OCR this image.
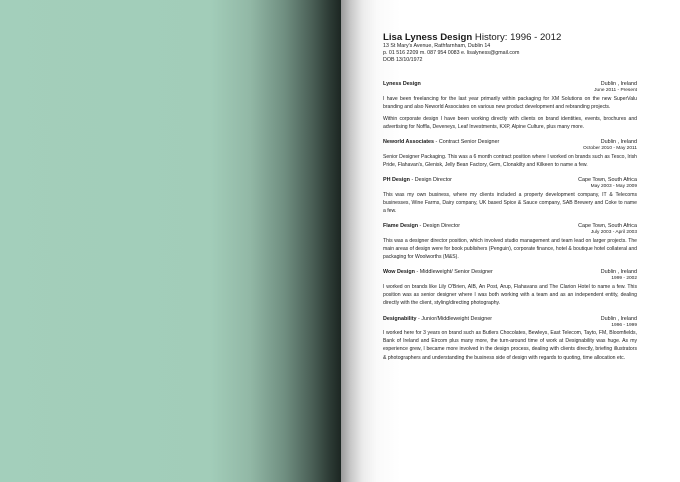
Lisa Lyness Design History: 1996 - 2012
13 St Mary's Avenue, Rathfarnham, Dublin 14
p. 01 516 2209 m. 087 954 0083 e. lisalyness@gmail.com
DOB 13/10/1972
Lyness Design	Dublin , Ireland
June 2011 - Present

I have been freelancing for the last year primarily within packaging for XM Solutions on the new SuperValu branding and also Neworld Associates on various new product development and rebranding projects.

Within corporate design I have been working directly with clients on brand identities, events, brochures and advertising for Noffla, Deveneys, Leaf Investments, KXP, Alpine Culture, plus many more.

Neworld Associates - Contract Senior Designer	Dublin , Ireland
October 2010 - May 2011

Senior Designer Packaging. This was a 6 month contract position where I worked on brands such as Tesco, Irish Pride, Flahavan's, Glenisk, Jelly Bean Factory, Gem, Clonakilty and Kilkeen to name a few.

PH Design - Design Director	Cape Town, South Africa
May 2003 - May 2009

This was my own business, where my clients included a property development company, IT & Telecoms businesses, Wine Farms, Dairy company, UK based Spice & Sauce company, SAB Brewery and Coke to name a few.

Flame Design - Design Director	Cape Town, South Africa
July 2003 - April 2003

This was a designer director position, which involved studio management and team lead on larger projects. The main areas of design were for book publishers (Penguin), corporate finance, hotel & boutique hotel collateral and packaging for Woolworths (M&S).

Wow Design - Middleweight/ Senior Designer	Dublin , Ireland
1999 - 2002

I worked on brands like Lily O'Brien, AIB, An Post, Arup, Flahavans and The Clarion Hotel to name a few. This position was as senior designer where I was both working with a team and as an independent entity, dealing directly with the client, styling/directing photography.

Designability - Junior/Middleweight Designer	Dublin , Ireland
1996 - 1999

I worked here for 3 years on brand such as Butlers Chocolates, Bewleys, East Telecom, Tayto, FM, Bloomfields, Bank of Ireland and Eircom plus many more, the turn-around time of work at Designability was huge. As my experience grew, I became more involved in the design process, dealing with clients directly, briefing illustrators & photographers and understanding the business side of design with regards to quoting, time allocation etc.
